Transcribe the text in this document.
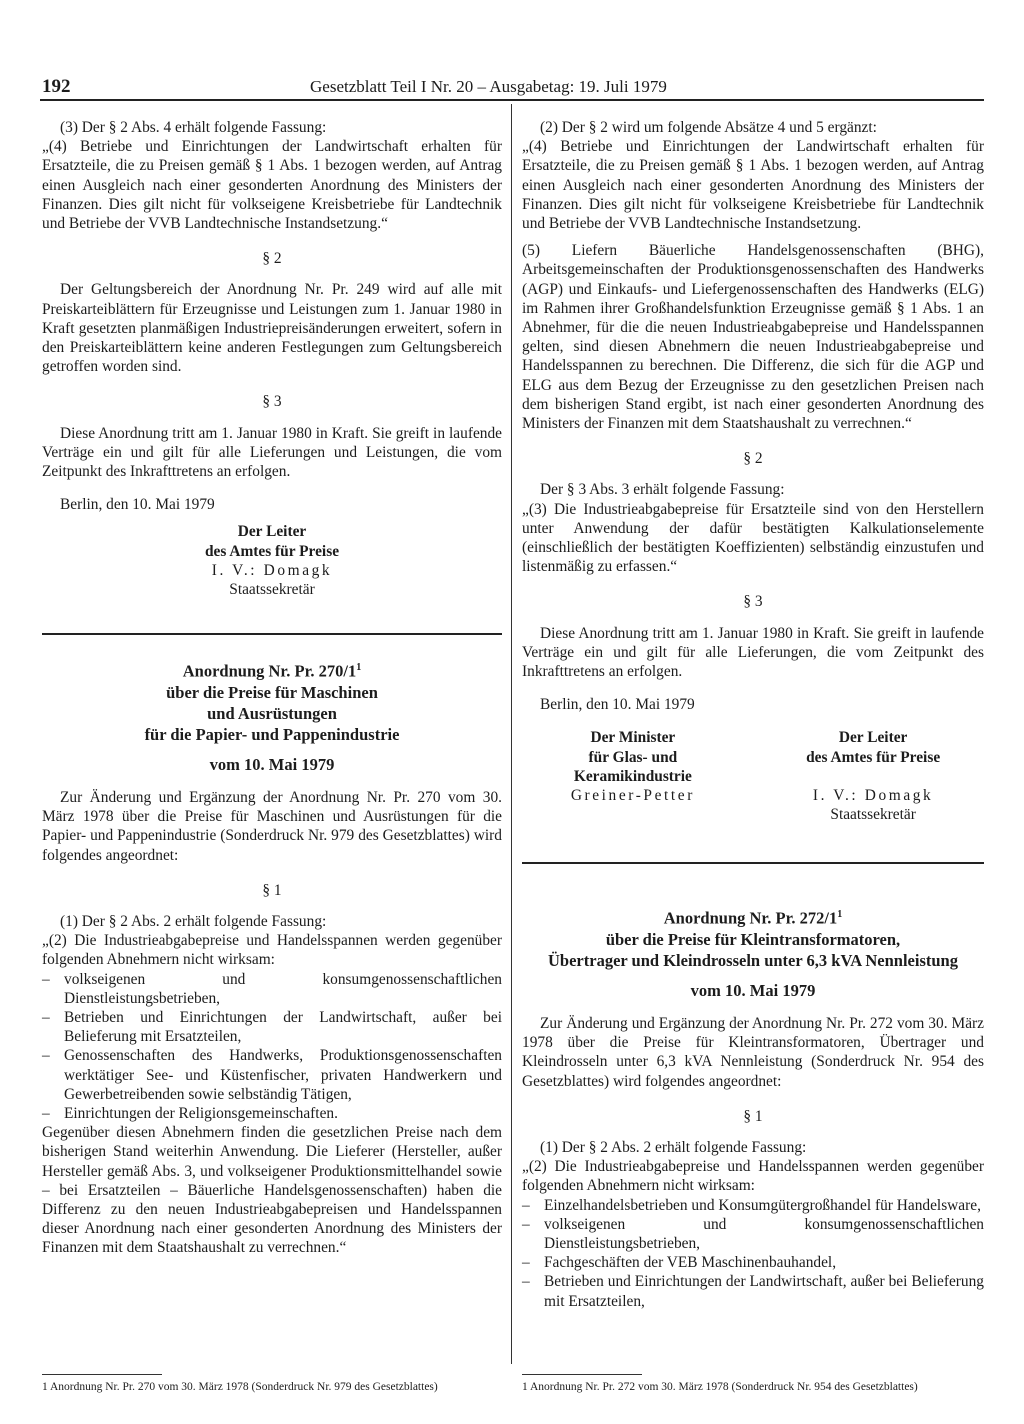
192	Gesetzblatt Teil I Nr. 20 – Ausgabetag: 19. Juli 1979

(3) Der § 2 Abs. 4 erhält folgende Fassung:

„(4) Betriebe und Einrichtungen der Landwirtschaft erhalten für Ersatzteile, die zu Preisen gemäß § 1 Abs. 1 bezogen werden, auf Antrag einen Ausgleich nach einer gesonderten Anordnung des Ministers der Finanzen. Dies gilt nicht für volkseigene Kreisbetriebe für Landtechnik und Betriebe der VVB Landtechnische Instandsetzung.“

§ 2

Der Geltungsbereich der Anordnung Nr. Pr. 249 wird auf alle mit Preiskarteiblättern für Erzeugnisse und Leistungen zum 1. Januar 1980 in Kraft gesetzten planmäßigen Industriepreisänderungen erweitert, sofern in den Preiskarteiblättern keine anderen Festlegungen zum Geltungsbereich getroffen worden sind.

§ 3

Diese Anordnung tritt am 1. Januar 1980 in Kraft. Sie greift in laufende Verträge ein und gilt für alle Lieferungen und Leistungen, die vom Zeitpunkt des Inkrafttretens an erfolgen.

Berlin, den 10. Mai 1979

Der Leiter
des Amtes für Preise
I. V.: Domagk
Staatssekretär
Anordnung Nr. Pr. $270/1^1$
über die Preise für Maschinen
und Ausrüstungen
für die Papier- und Pappenindustrie
vom 10. Mai 1979

Zur Änderung und Ergänzung der Anordnung Nr. Pr. 270 vom 30. März 1978 über die Preise für Maschinen und Ausrüstungen für die Papier- und Pappenindustrie (Sonderdruck Nr. 979 des Gesetzblattes) wird folgendes angeordnet:

§ 1

(1) Der § 2 Abs. 2 erhält folgende Fassung:

„(2) Die Industrieabgabepreise und Handelsspannen werden gegenüber folgenden Abnehmern nicht wirksam:

– volkseigenen und konsumgenossenschaftlichen Dienstleistungsbetrieben,
– Betrieben und Einrichtungen der Landwirtschaft, außer bei Belieferung mit Ersatzteilen,
– Genossenschaften des Handwerks, Produktionsgenossenschaften werktätiger See- und Küstenfischer, privaten Handwerkern und Gewerbetreibenden sowie selbständig Tätigen,
– Einrichtungen der Religionsgemeinschaften.

Gegenüber diesen Abnehmern finden die gesetzlichen Preise nach dem bisherigen Stand weiterhin Anwendung. Die Lieferer (Hersteller, außer Hersteller gemäß Abs. 3, und volkseigener Produktionsmittelhandel sowie – bei Ersatzteilen – Bäuerliche Handelsgenossenschaften) haben die Differenz zu den neuen Industrieabgabepreisen und Handelsspannen dieser Anordnung nach einer gesonderten Anordnung des Ministers der Finanzen mit dem Staatshaushalt zu verrechnen.“

1 Anordnung Nr. Pr. 270 vom 30. März 1978 (Sonderdruck Nr. 979 des Gesetzblattes)

(2) Der § 2 wird um folgende Absätze 4 und 5 ergänzt:

„(4) Betriebe und Einrichtungen der Landwirtschaft erhalten für Ersatzteile, die zu Preisen gemäß § 1 Abs. 1 bezogen werden, auf Antrag einen Ausgleich nach einer gesonderten Anordnung des Ministers der Finanzen. Dies gilt nicht für volkseigene Kreisbetriebe für Landtechnik und Betriebe der VVB Landtechnische Instandsetzung.

(5) Liefern Bäuerliche Handelsgenossenschaften (BHG), Arbeitsgemeinschaften der Produktionsgenossenschaften des Handwerks (AGP) und Einkaufs- und Liefergenossenschaften des Handwerks (ELG) im Rahmen ihrer Großhandelsfunktion Erzeugnisse gemäß § 1 Abs. 1 an Abnehmer, für die die neuen Industrieabgabepreise und Handelsspannen gelten, sind diesen Abnehmern die neuen Industrieabgabepreise und Handelsspannen zu berechnen. Die Differenz, die sich für die AGP und ELG aus dem Bezug der Erzeugnisse zu den gesetzlichen Preisen nach dem bisherigen Stand ergibt, ist nach einer gesonderten Anordnung des Ministers der Finanzen mit dem Staatshaushalt zu verrechnen.“

§ 2

Der § 3 Abs. 3 erhält folgende Fassung:

„(3) Die Industrieabgabepreise für Ersatzteile sind von den Herstellern unter Anwendung der dafür bestätigten Kalkulationselemente (einschließlich der bestätigten Koeffizienten) selbständig einzustufen und listenmäßig zu erfassen.“

§ 3

Diese Anordnung tritt am 1. Januar 1980 in Kraft. Sie greift in laufende Verträge ein und gilt für alle Lieferungen, die vom Zeitpunkt des Inkrafttretens an erfolgen.

Berlin, den 10. Mai 1979

Der Minister
für Glas- und
Keramikindustrie
Greiner-Petter
Der Leiter
des Amtes für Preise
I. V.: Domagk
Staatssekretär
Anordnung Nr. Pr. $272/1^1$
über die Preise für Kleintransformatoren,
Übertrager und Kleindrosseln unter 6,3 kVA Nennleistung
vom 10. Mai 1979

Zur Änderung und Ergänzung der Anordnung Nr. Pr. 272 vom 30. März 1978 über die Preise für Kleintransformatoren, Übertrager und Kleindrosseln unter 6,3 kVA Nennleistung (Sonderdruck Nr. 954 des Gesetzblattes) wird folgendes angeordnet:

§ 1

(1) Der § 2 Abs. 2 erhält folgende Fassung:

„(2) Die Industrieabgabepreise und Handelsspannen werden gegenüber folgenden Abnehmern nicht wirksam:

– Einzelhandelsbetrieben und Konsumgütergroßhandel für Handelsware,
– volkseigenen und konsumgenossenschaftlichen Dienstleistungsbetrieben,
– Fachgeschäften der VEB Maschinenbauhandel,
– Betrieben und Einrichtungen der Landwirtschaft, außer bei Belieferung mit Ersatzteilen,
1 Anordnung Nr. Pr. 272 vom 30. März 1978 (Sonderdruck Nr. 954 des Gesetzblattes)
